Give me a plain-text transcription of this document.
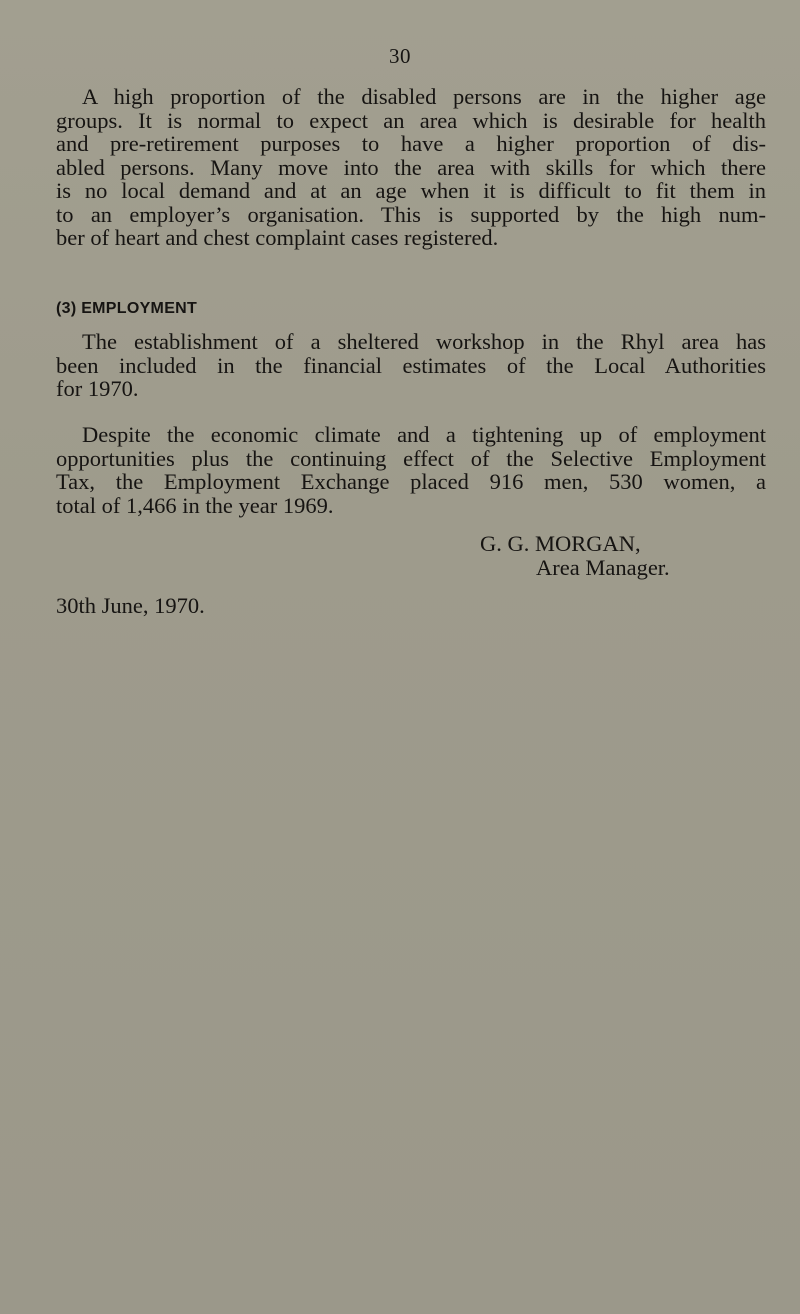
30

A high proportion of the disabled persons are in the higher age
groups. It is normal to expect an area which is desirable for health
and pre-retirement purposes to have a higher proportion of dis-
abled persons. Many move into the area with skills for which there
is no local demand and at an age when it is difficult to fit them in
to an employer’s organisation. This is supported by the high num-
ber of heart and chest complaint cases registered.

(3) EMPLOYMENT

The establishment of a sheltered workshop in the Rhyl area has
been included in the financial estimates of the Local Authorities
for 1970.

Despite the economic climate and a tightening up of employment
opportunities plus the continuing effect of the Selective Employment
Tax, the Employment Exchange placed 916 men, 530 women, a
total of 1,466 in the year 1969.

G. G. MORGAN,
Area Manager.
30th June, 1970.
